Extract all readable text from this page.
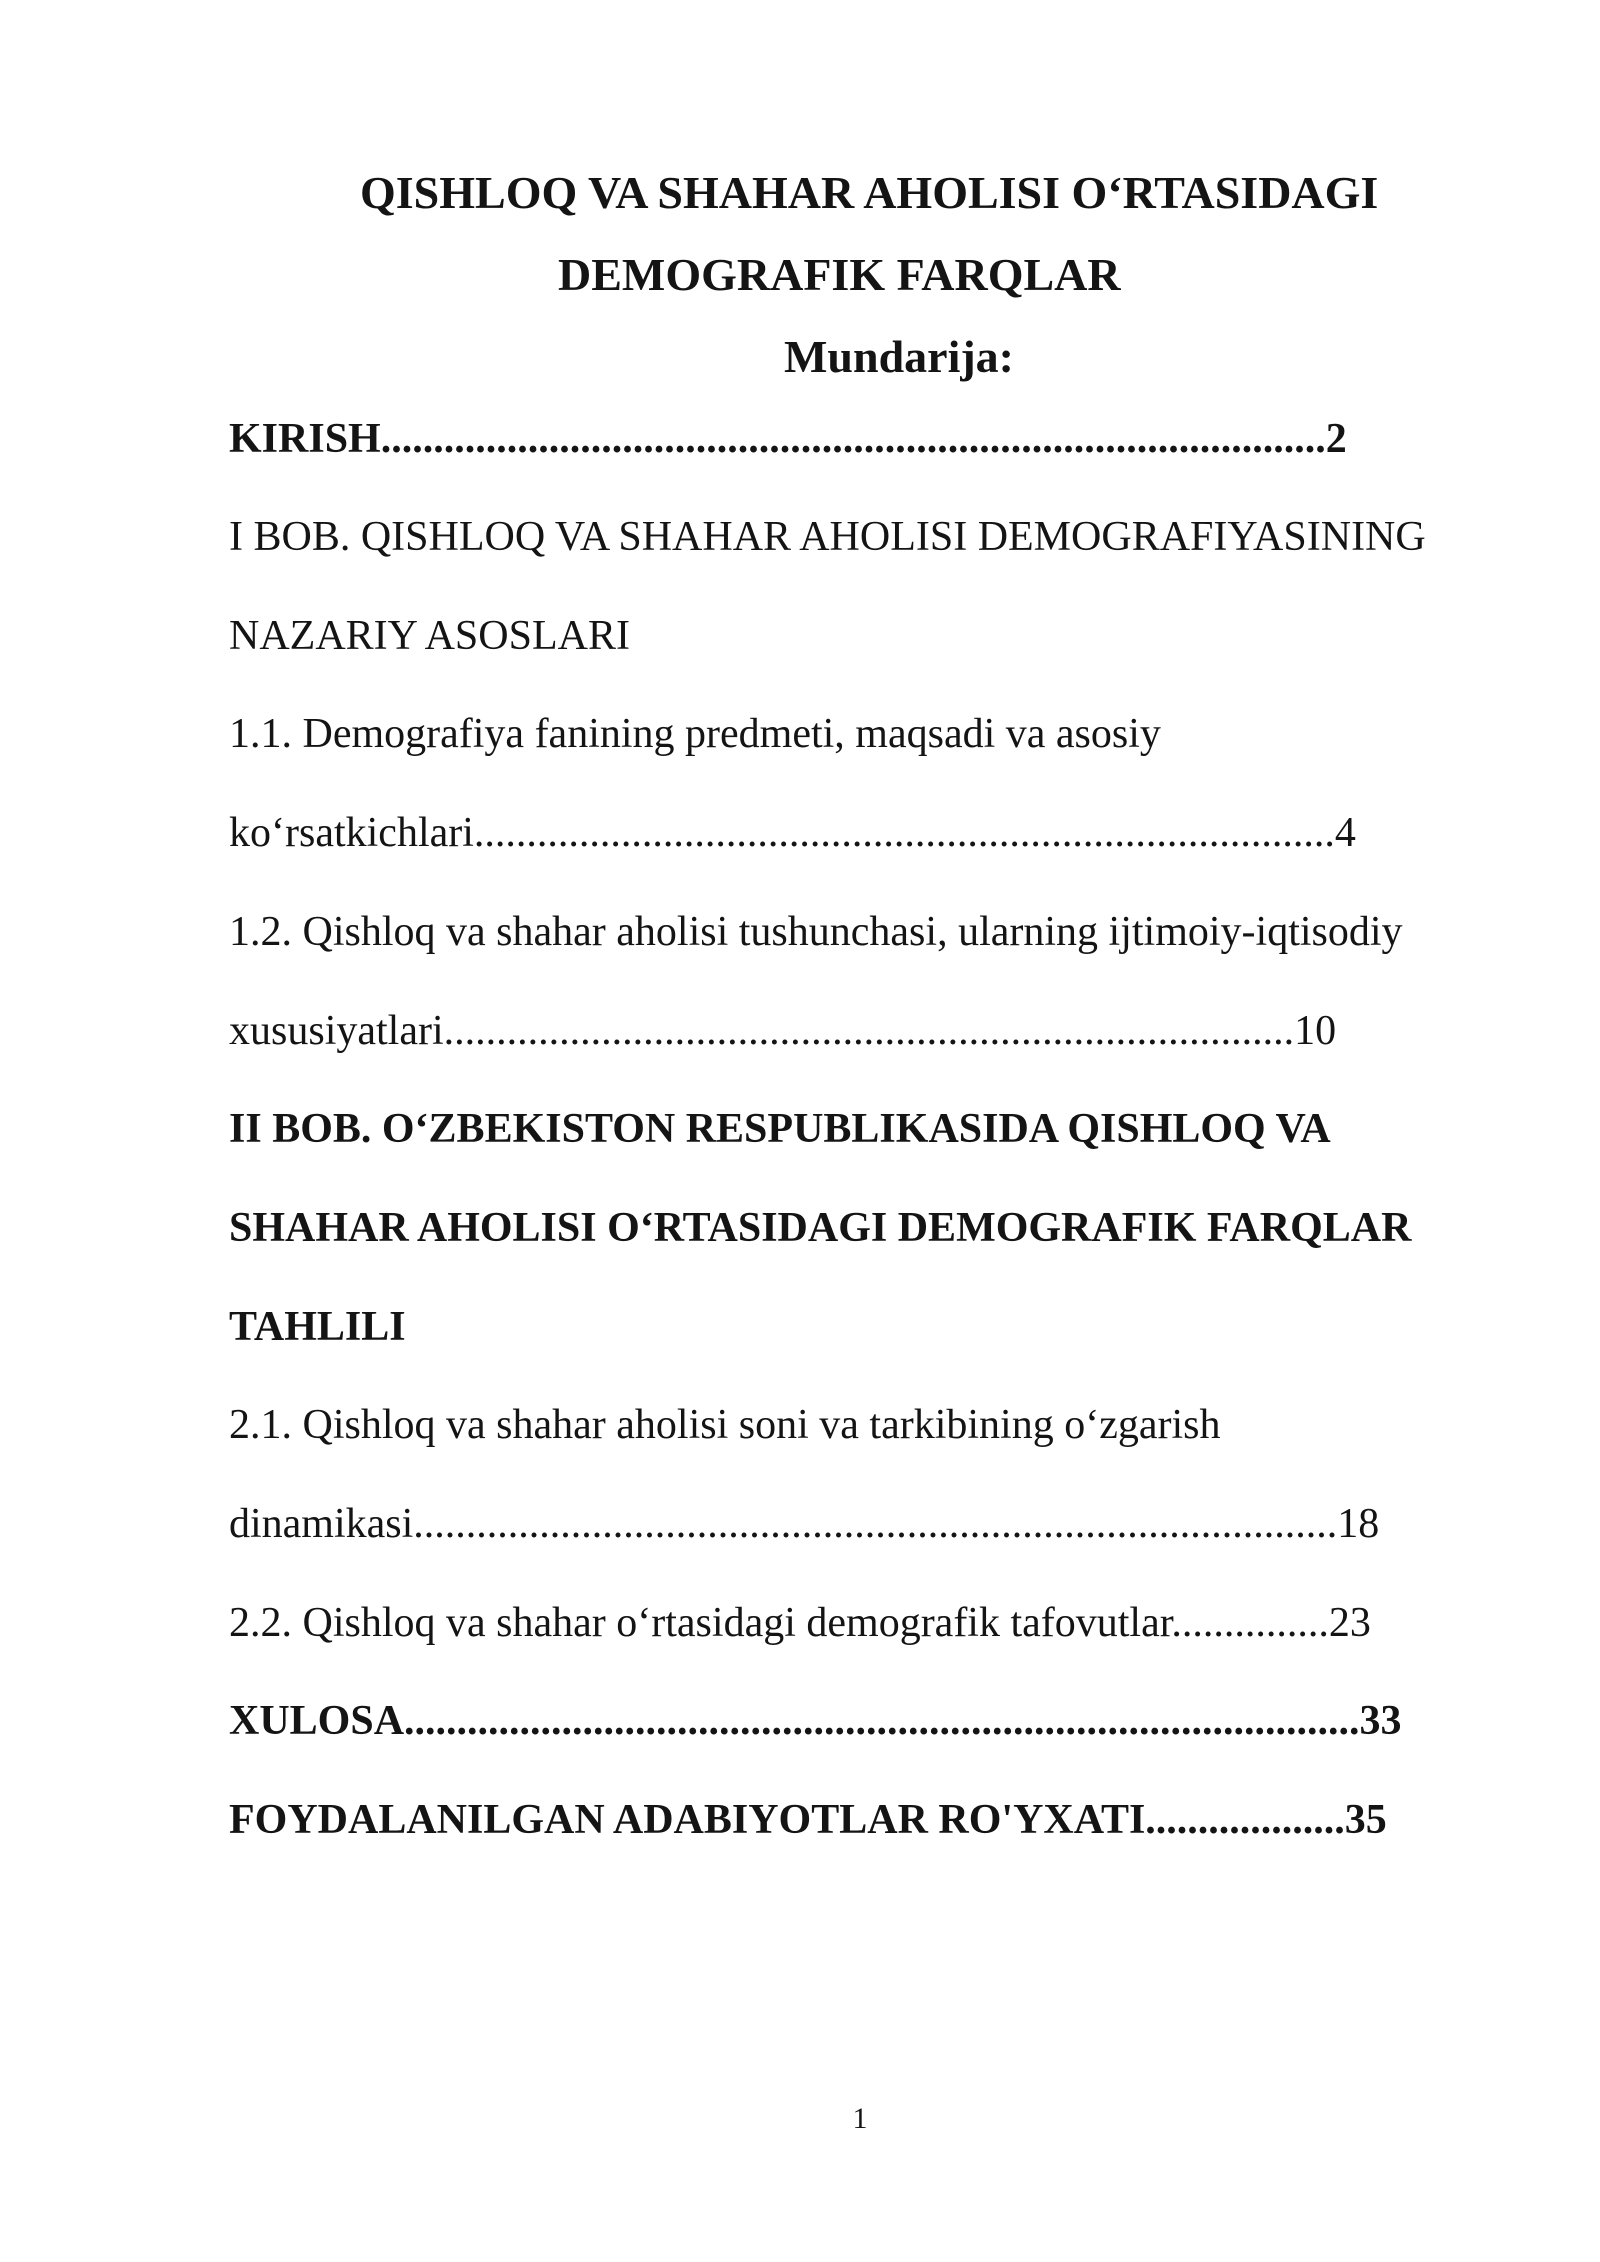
QISHLOQ VA SHAHAR AHOLISI O‘RTASIDAGI
DEMOGRAFIK FARQLAR
Mundarija:
KIRISH..........................................................................................2
I BOB. QISHLOQ VA SHAHAR AHOLISI DEMOGRAFIYASINING
NAZARIY ASOSLARI
1.1. Demografiya fanining predmeti, maqsadi va asosiy
ko‘rsatkichlari..................................................................................4
1.2. Qishloq va shahar aholisi tushunchasi, ularning ijtimoiy-iqtisodiy
xususiyatlari.................................................................................10
II BOB. O‘ZBEKISTON RESPUBLIKASIDA QISHLOQ VA
SHAHAR AHOLISI O‘RTASIDAGI DEMOGRAFIK FARQLAR
TAHLILI
2.1. Qishloq va shahar aholisi soni va tarkibining o‘zgarish
dinamikasi........................................................................................18
2.2. Qishloq va shahar o‘rtasidagi demografik tafovutlar...............23
XULOSA...........................................................................................33
FOYDALANILGAN ADABIYOTLAR RO'YXATI...................35
1
